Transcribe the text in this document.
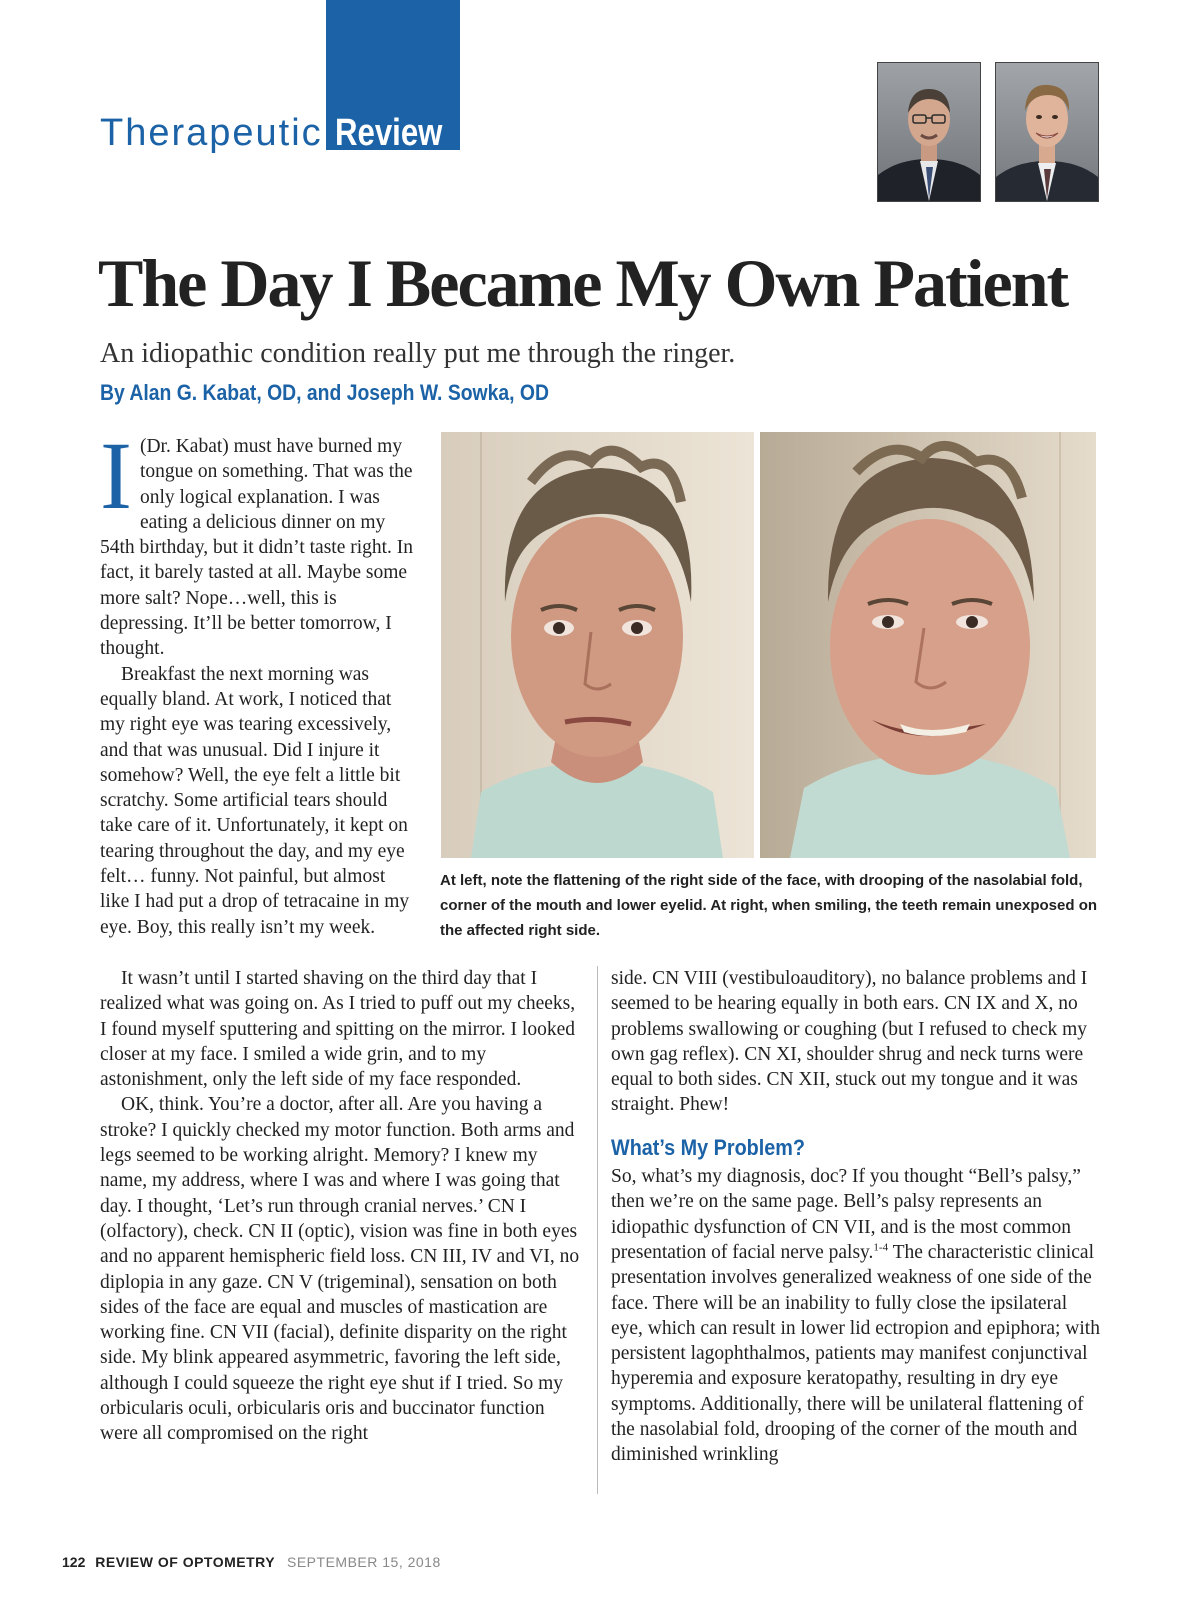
Therapeutic Review
The Day I Became My Own Patient
An idiopathic condition really put me through the ringer.
By Alan G. Kabat, OD, and Joseph W. Sowka, OD
At left, note the flattening of the right side of the face, with drooping of the nasolabial fold, corner of the mouth and lower eyelid. At right, when smiling, the teeth remain unexposed on the affected right side.
I (Dr. Kabat) must have burned my tongue on something. That was the only logical explanation. I was eating a delicious dinner on my 54th birthday, but it didn’t taste right. In fact, it barely tasted at all. Maybe some more salt? Nope…well, this is depressing. It’ll be better tomorrow, I thought.

Breakfast the next morning was equally bland. At work, I noticed that my right eye was tearing excessively, and that was unusual. Did I injure it somehow? Well, the eye felt a little bit scratchy. Some artificial tears should take care of it. Unfortunately, it kept on tearing throughout the day, and my eye felt… funny. Not painful, but almost like I had put a drop of tetracaine in my eye. Boy, this really isn’t my week.

It wasn’t until I started shaving on the third day that I realized what was going on. As I tried to puff out my cheeks, I found myself sputtering and spitting on the mirror. I looked closer at my face. I smiled a wide grin, and to my astonishment, only the left side of my face responded.

OK, think. You’re a doctor, after all. Are you having a stroke? I quickly checked my motor function. Both arms and legs seemed to be working alright. Memory? I knew my name, my address, where I was and where I was going that day. I thought, ‘Let’s run through cranial nerves.’ CN I (olfactory), check. CN II (optic), vision was fine in both eyes and no apparent hemispheric field loss. CN III, IV and VI, no diplopia in any gaze. CN V (trigeminal), sensation on both sides of the face are equal and muscles of mastication are working fine. CN VII (facial), definite disparity on the right side. My blink appeared asymmetric, favoring the left side, although I could squeeze the right eye shut if I tried. So my orbicularis oculi, orbicularis oris and buccinator function were all compromised on the right

side. CN VIII (vestibuloauditory), no balance problems and I seemed to be hearing equally in both ears. CN IX and X, no problems swallowing or coughing (but I refused to check my own gag reflex). CN XI, shoulder shrug and neck turns were equal to both sides. CN XII, stuck out my tongue and it was straight. Phew!

What’s My Problem?

So, what’s my diagnosis, doc? If you thought “Bell’s palsy,” then we’re on the same page. Bell’s palsy represents an idiopathic dysfunction of CN VII, and is the most common presentation of facial nerve palsy.$^{1-4}$ The characteristic clinical presentation involves generalized weakness of one side of the face. There will be an inability to fully close the ipsilateral eye, which can result in lower lid ectropion and epiphora; with persistent lagophthalmos, patients may manifest conjunctival hyperemia and exposure keratopathy, resulting in dry eye symptoms. Additionally, there will be unilateral flattening of the nasolabial fold, drooping of the corner of the mouth and diminished wrinkling

122 REVIEW OF OPTOMETRY SEPTEMBER 15, 2018
